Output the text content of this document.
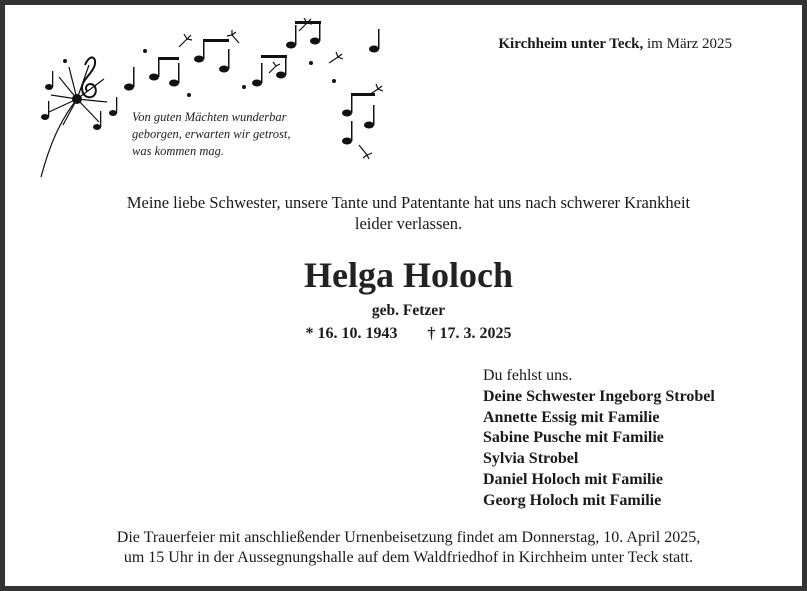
Von guten Mächten wunderbar
geborgen, erwarten wir getrost,
was kommen mag.
Kirchheim unter Teck, im März 2025
Meine liebe Schwester, unsere Tante und Patentante hat uns nach schwerer Krankheit
leider verlassen.
Helga Holoch
geb. Fetzer
* 16. 10. 1943 † 17. 3. 2025
Du fehlst uns.
Deine Schwester Ingeborg Strobel
Annette Essig mit Familie
Sabine Pusche mit Familie
Sylvia Strobel
Daniel Holoch mit Familie
Georg Holoch mit Familie
Die Trauerfeier mit anschließender Urnenbeisetzung findet am Donnerstag, 10. April 2025,
um 15 Uhr in der Aussegnungshalle auf dem Waldfriedhof in Kirchheim unter Teck statt.
